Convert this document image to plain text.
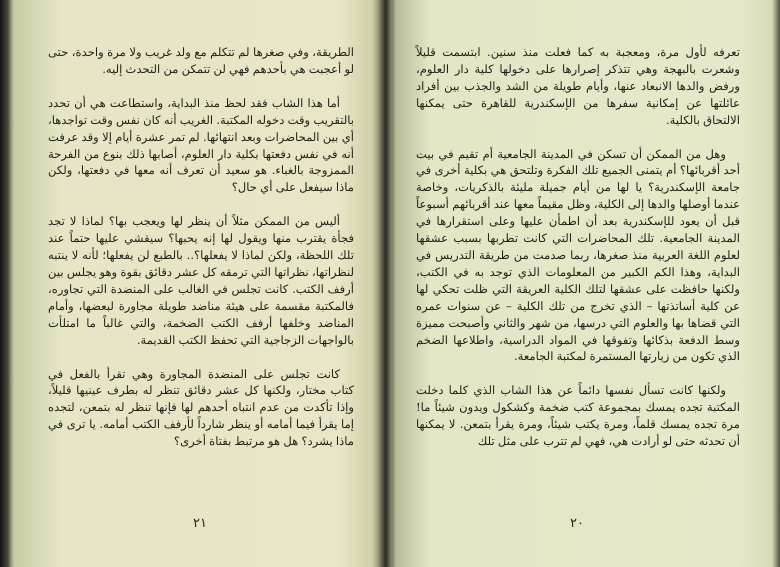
الطريقة، وفي صغرها لم تتكلم مع ولد غريب ولا مرة واحدة، حتى لو أعجبت هي بأحدهم فهي لن تتمكن من التحدث إليه.

أما هذا الشاب فقد لحظ منذ البداية، واستطاعت هي أن تحدد بالتقريب وقت دخوله المكتبة. الغريب أنه كان نفس وقت تواجدها، أي بين المحاضرات وبعد انتهائها. لم تمر عشرة أيام إلا وقد عرفت أنه في نفس دفعتها بكلية دار العلوم، أصابها ذلك بنوع من الفرحة الممزوجة بالغباء. هو سعيد أن تعرف أنه معها في دفعتها، ولكن ماذا سيفعل على أي حال؟

أليس من الممكن مثلاً أن ينظر لها ويعجب بها؟ لماذا لا تجد فجأة يقترب منها ويقول لها إنه يحبها؟ سيقشي عليها حتماً عند تلك اللحظة، ولكن لماذا لا يفعلها؟.. بالطبع لن يفعلها؛ لأنه لا ينتبه لنظراتها، نظراتها التي ترمقه كل عشر دقائق بقوة وهو يجلس بين أرفف الكتب. كانت تجلس في الغالب على المنضدة التي تجاوره، فالمكتبة مقسمة على هيئة مناضد طويلة مجاورة لبعضها، وأمام المناضد وخلفها أرفف الكتب الضخمة، والتي غالباً ما امتلأت بالواجهات الزجاجية التي تحفظ الكتب القديمة.

كانت تجلس على المنضدة المجاورة وهي تقرأ بالفعل في كتاب مختار، ولكنها كل عشر دقائق تنظر له بطرف عينيها قليلاً، وإذا تأكدت من عدم انتباه أحدهم لها فإنها تنظر له بتمعن، لتجده إما يقرأ فيما أمامه أو ينظر شارداً لأرفف الكتب أمامه. يا ترى في ماذا يشرد؟ هل هو مرتبط بفتاة أخرى؟

٢١

تعرفه لأول مرة، ومعجبة به كما فعلت منذ سنين. ابتسمت قليلاً وشعرت بالبهجة وهي تتذكر إصرارها على دخولها كلية دار العلوم، ورفض والدها الانبعاد عنها، وأيام طويلة من الشد والجذب بين أفراد عائلتها عن إمكانية سفرها من الإسكندرية للقاهرة حتى يمكنها الالتحاق بالكلية.

وهل من الممكن أن تسكن في المدينة الجامعية أم تقيم في بيت أحد أقربائها؟ أم يتمنى الجميع تلك الفكرة وتلتحق هي بكلية أخرى في جامعة الإسكندرية؟ يا لها من أيام جميلة مليئة بالذكريات، وخاصة عندما أوصلها والدها إلى الكلية، وظل مقيماً معها عند أقربائهم أسبوعاً قبل أن يعود للإسكندرية بعد أن اطمأن عليها وعلى استقرارها في المدينة الجامعية. تلك المحاضرات التي كانت تطربها بسبب عشقها لعلوم اللغة العربية منذ صغرها، ربما صدمت من طريقة التدريس في البداية، وهذا الكم الكبير من المعلومات الذي توجد به في الكتب، ولكنها حافظت على عشقها لتلك الكلية العريقة التي ظلت تحكي لها عن كلية أساتذتها – الذي تخرج من تلك الكلية – عن سنوات عمره التي قضاها بها والعلوم التي درسها، من شهر والثاني وأصبحت مميزة وسط الدفعة بذكائها وتفوقها في المواد الدراسية، واطلاعها الضخم الذي تكون من زيارتها المستمرة لمكتبة الجامعة.

ولكنها كانت تسأل نفسها دائماً عن هذا الشاب الذي كلما دخلت المكتبة تجده يمسك بمجموعة كتب ضخمة وكشكول ويدون شيئاً ما! مرة تجده يمسك قلماً، ومرة يكتب شيئاً، ومرة يقرأ بتمعن. لا يمكنها أن تحدثه حتى لو أرادت هي، فهي لم تترب على مثل تلك

٢٠
